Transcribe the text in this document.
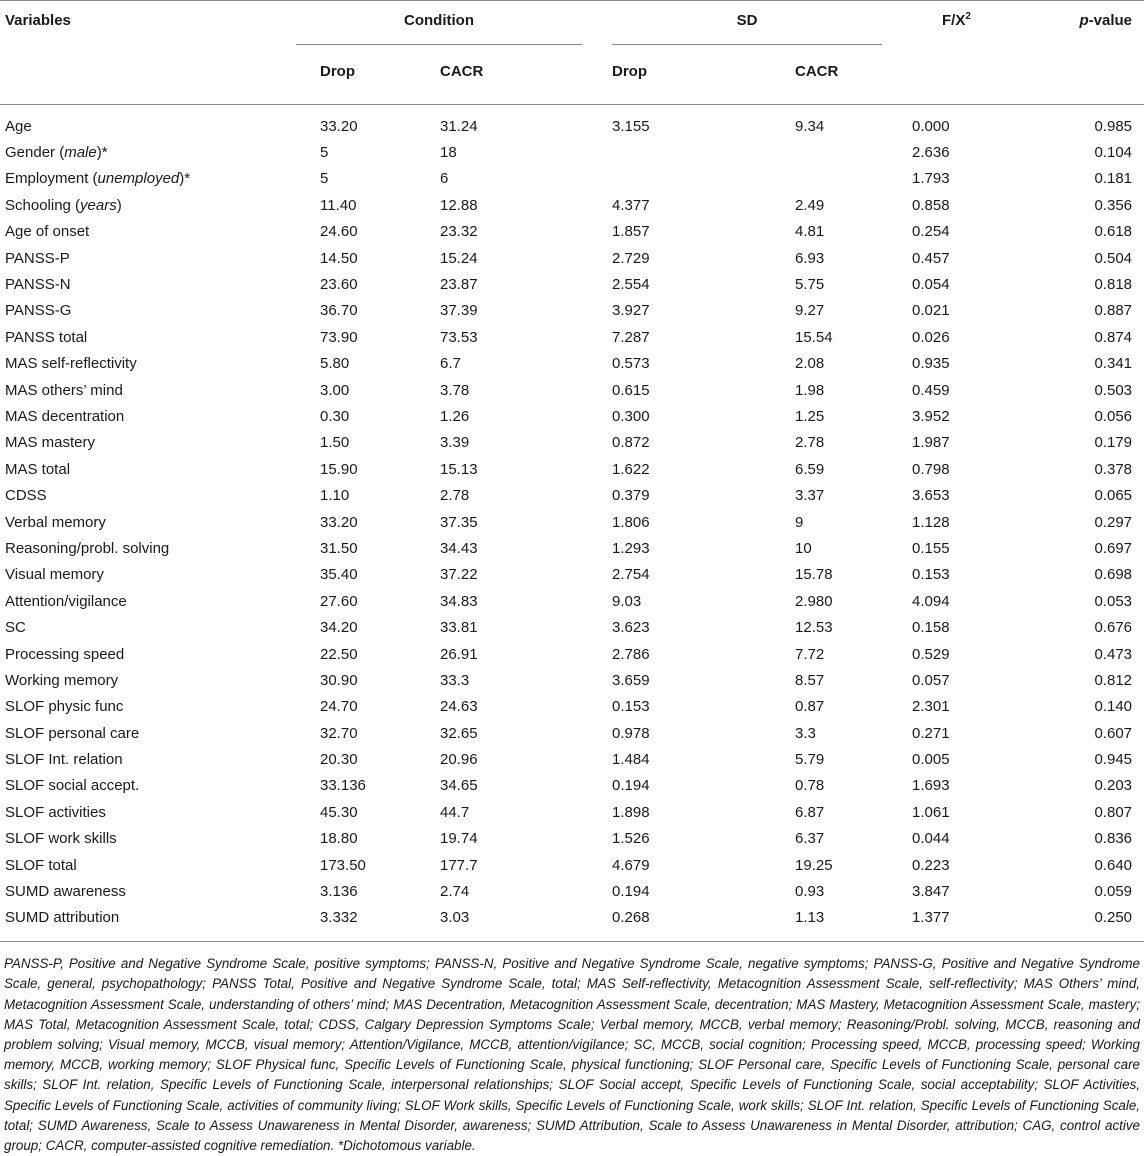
Variables	Condition		SD		$F/X^2$	p-value
	Drop	CACR	Drop	CACR		
Age	33.20	31.24	3.155	9.34	0.000	0.985
Gender (male)*	5	18			2.636	0.104
Employment (unemployed)*	5	6			1.793	0.181
Schooling (years)	11.40	12.88	4.377	2.49	0.858	0.356
Age of onset	24.60	23.32	1.857	4.81	0.254	0.618
PANSS-P	14.50	15.24	2.729	6.93	0.457	0.504
PANSS-N	23.60	23.87	2.554	5.75	0.054	0.818
PANSS-G	36.70	37.39	3.927	9.27	0.021	0.887
PANSS total	73.90	73.53	7.287	15.54	0.026	0.874
MAS self-reflectivity	5.80	6.7	0.573	2.08	0.935	0.341
MAS others’ mind	3.00	3.78	0.615	1.98	0.459	0.503
MAS decentration	0.30	1.26	0.300	1.25	3.952	0.056
MAS mastery	1.50	3.39	0.872	2.78	1.987	0.179
MAS total	15.90	15.13	1.622	6.59	0.798	0.378
CDSS	1.10	2.78	0.379	3.37	3.653	0.065
Verbal memory	33.20	37.35	1.806	9	1.128	0.297
Reasoning/probl. solving	31.50	34.43	1.293	10	0.155	0.697
Visual memory	35.40	37.22	2.754	15.78	0.153	0.698
Attention/vigilance	27.60	34.83	9.03	2.980	4.094	0.053
SC	34.20	33.81	3.623	12.53	0.158	0.676
Processing speed	22.50	26.91	2.786	7.72	0.529	0.473
Working memory	30.90	33.3	3.659	8.57	0.057	0.812
SLOF physic func	24.70	24.63	0.153	0.87	2.301	0.140
SLOF personal care	32.70	32.65	0.978	3.3	0.271	0.607
SLOF Int. relation	20.30	20.96	1.484	5.79	0.005	0.945
SLOF social accept.	33.136	34.65	0.194	0.78	1.693	0.203
SLOF activities	45.30	44.7	1.898	6.87	1.061	0.807
SLOF work skills	18.80	19.74	1.526	6.37	0.044	0.836
SLOF total	173.50	177.7	4.679	19.25	0.223	0.640
SUMD awareness	3.136	2.74	0.194	0.93	3.847	0.059
SUMD attribution	3.332	3.03	0.268	1.13	1.377	0.250
PANSS-P, Positive and Negative Syndrome Scale, positive symptoms; PANSS-N, Positive and Negative Syndrome Scale, negative symptoms; PANSS-G, Positive and Negative Syndrome Scale, general, psychopathology; PANSS Total, Positive and Negative Syndrome Scale, total; MAS Self-reflectivity, Metacognition Assessment Scale, self-reflectivity; MAS Others’ mind, Metacognition Assessment Scale, understanding of others’ mind; MAS Decentration, Metacognition Assessment Scale, decentration; MAS Mastery, Metacognition Assessment Scale, mastery; MAS Total, Metacognition Assessment Scale, total; CDSS, Calgary Depression Symptoms Scale; Verbal memory, MCCB, verbal memory; Reasoning/Probl. solving, MCCB, reasoning and problem solving; Visual memory, MCCB, visual memory; Attention/Vigilance, MCCB, attention/vigilance; SC, MCCB, social cognition; Processing speed, MCCB, processing speed; Working memory, MCCB, working memory; SLOF Physical func, Specific Levels of Functioning Scale, physical functioning; SLOF Personal care, Specific Levels of Functioning Scale, personal care skills; SLOF Int. relation, Specific Levels of Functioning Scale, interpersonal relationships; SLOF Social accept, Specific Levels of Functioning Scale, social acceptability; SLOF Activities, Specific Levels of Functioning Scale, activities of community living; SLOF Work skills, Specific Levels of Functioning Scale, work skills; SLOF Int. relation, Specific Levels of Functioning Scale, total; SUMD Awareness, Scale to Assess Unawareness in Mental Disorder, awareness; SUMD Attribution, Scale to Assess Unawareness in Mental Disorder, attribution; CAG, control active group; CACR, computer-assisted cognitive remediation. *Dichotomous variable.
